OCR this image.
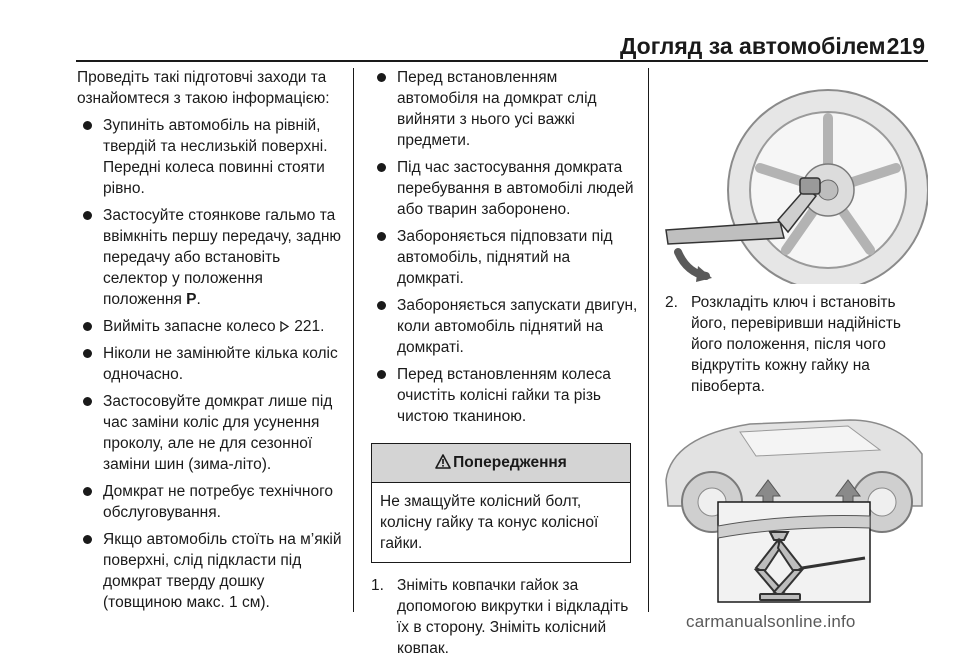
Догляд за автомобілем 219

Проведіть такі підготовчі заходи та ознайомтеся з такою інформацією:

Зупиніть автомобіль на рівній, твердій та неслизькій поверхні. Передні колеса повинні стояти рівно.
Застосуйте стоянкове гальмо та ввімкніть першу передачу, задню передачу або встановіть селектор у положення
положення P.
Вийміть запасне колесо 221.
Ніколи не замінюйте кілька коліс одночасно.
Застосовуйте домкрат лише під час заміни коліс для усунення проколу, але не для сезонної заміни шин (зима-літо).
Домкрат не потребує технічного обслуговування.
Якщо автомобіль стоїть на м’якій поверхні, слід підкласти під домкрат тверду дошку (товщиною макс. 1 см).
Перед встановленням автомобіля на домкрат слід вийняти з нього усі важкі предмети.
Під час застосування домкрата перебування в автомобілі людей або тварин заборонено.
Забороняється підповзати під автомобіль, піднятий на домкраті.
Забороняється запускати двигун, коли автомобіль піднятий на домкраті.
Перед встановленням колеса очистіть колісні гайки та різь чистою тканиною.
Попередження
Не змащуйте колісний болт, колісну гайку та конус колісної гайки.
1. Зніміть ковпачки гайок за допомогою викрутки і відкладіть їх в сторону. Зніміть колісний ковпак.
2. Розкладіть ключ і встановіть його, перевіривши надійність його положення, після чого відкрутіть кожну гайку на півоберта.
carmanualsonline.info
